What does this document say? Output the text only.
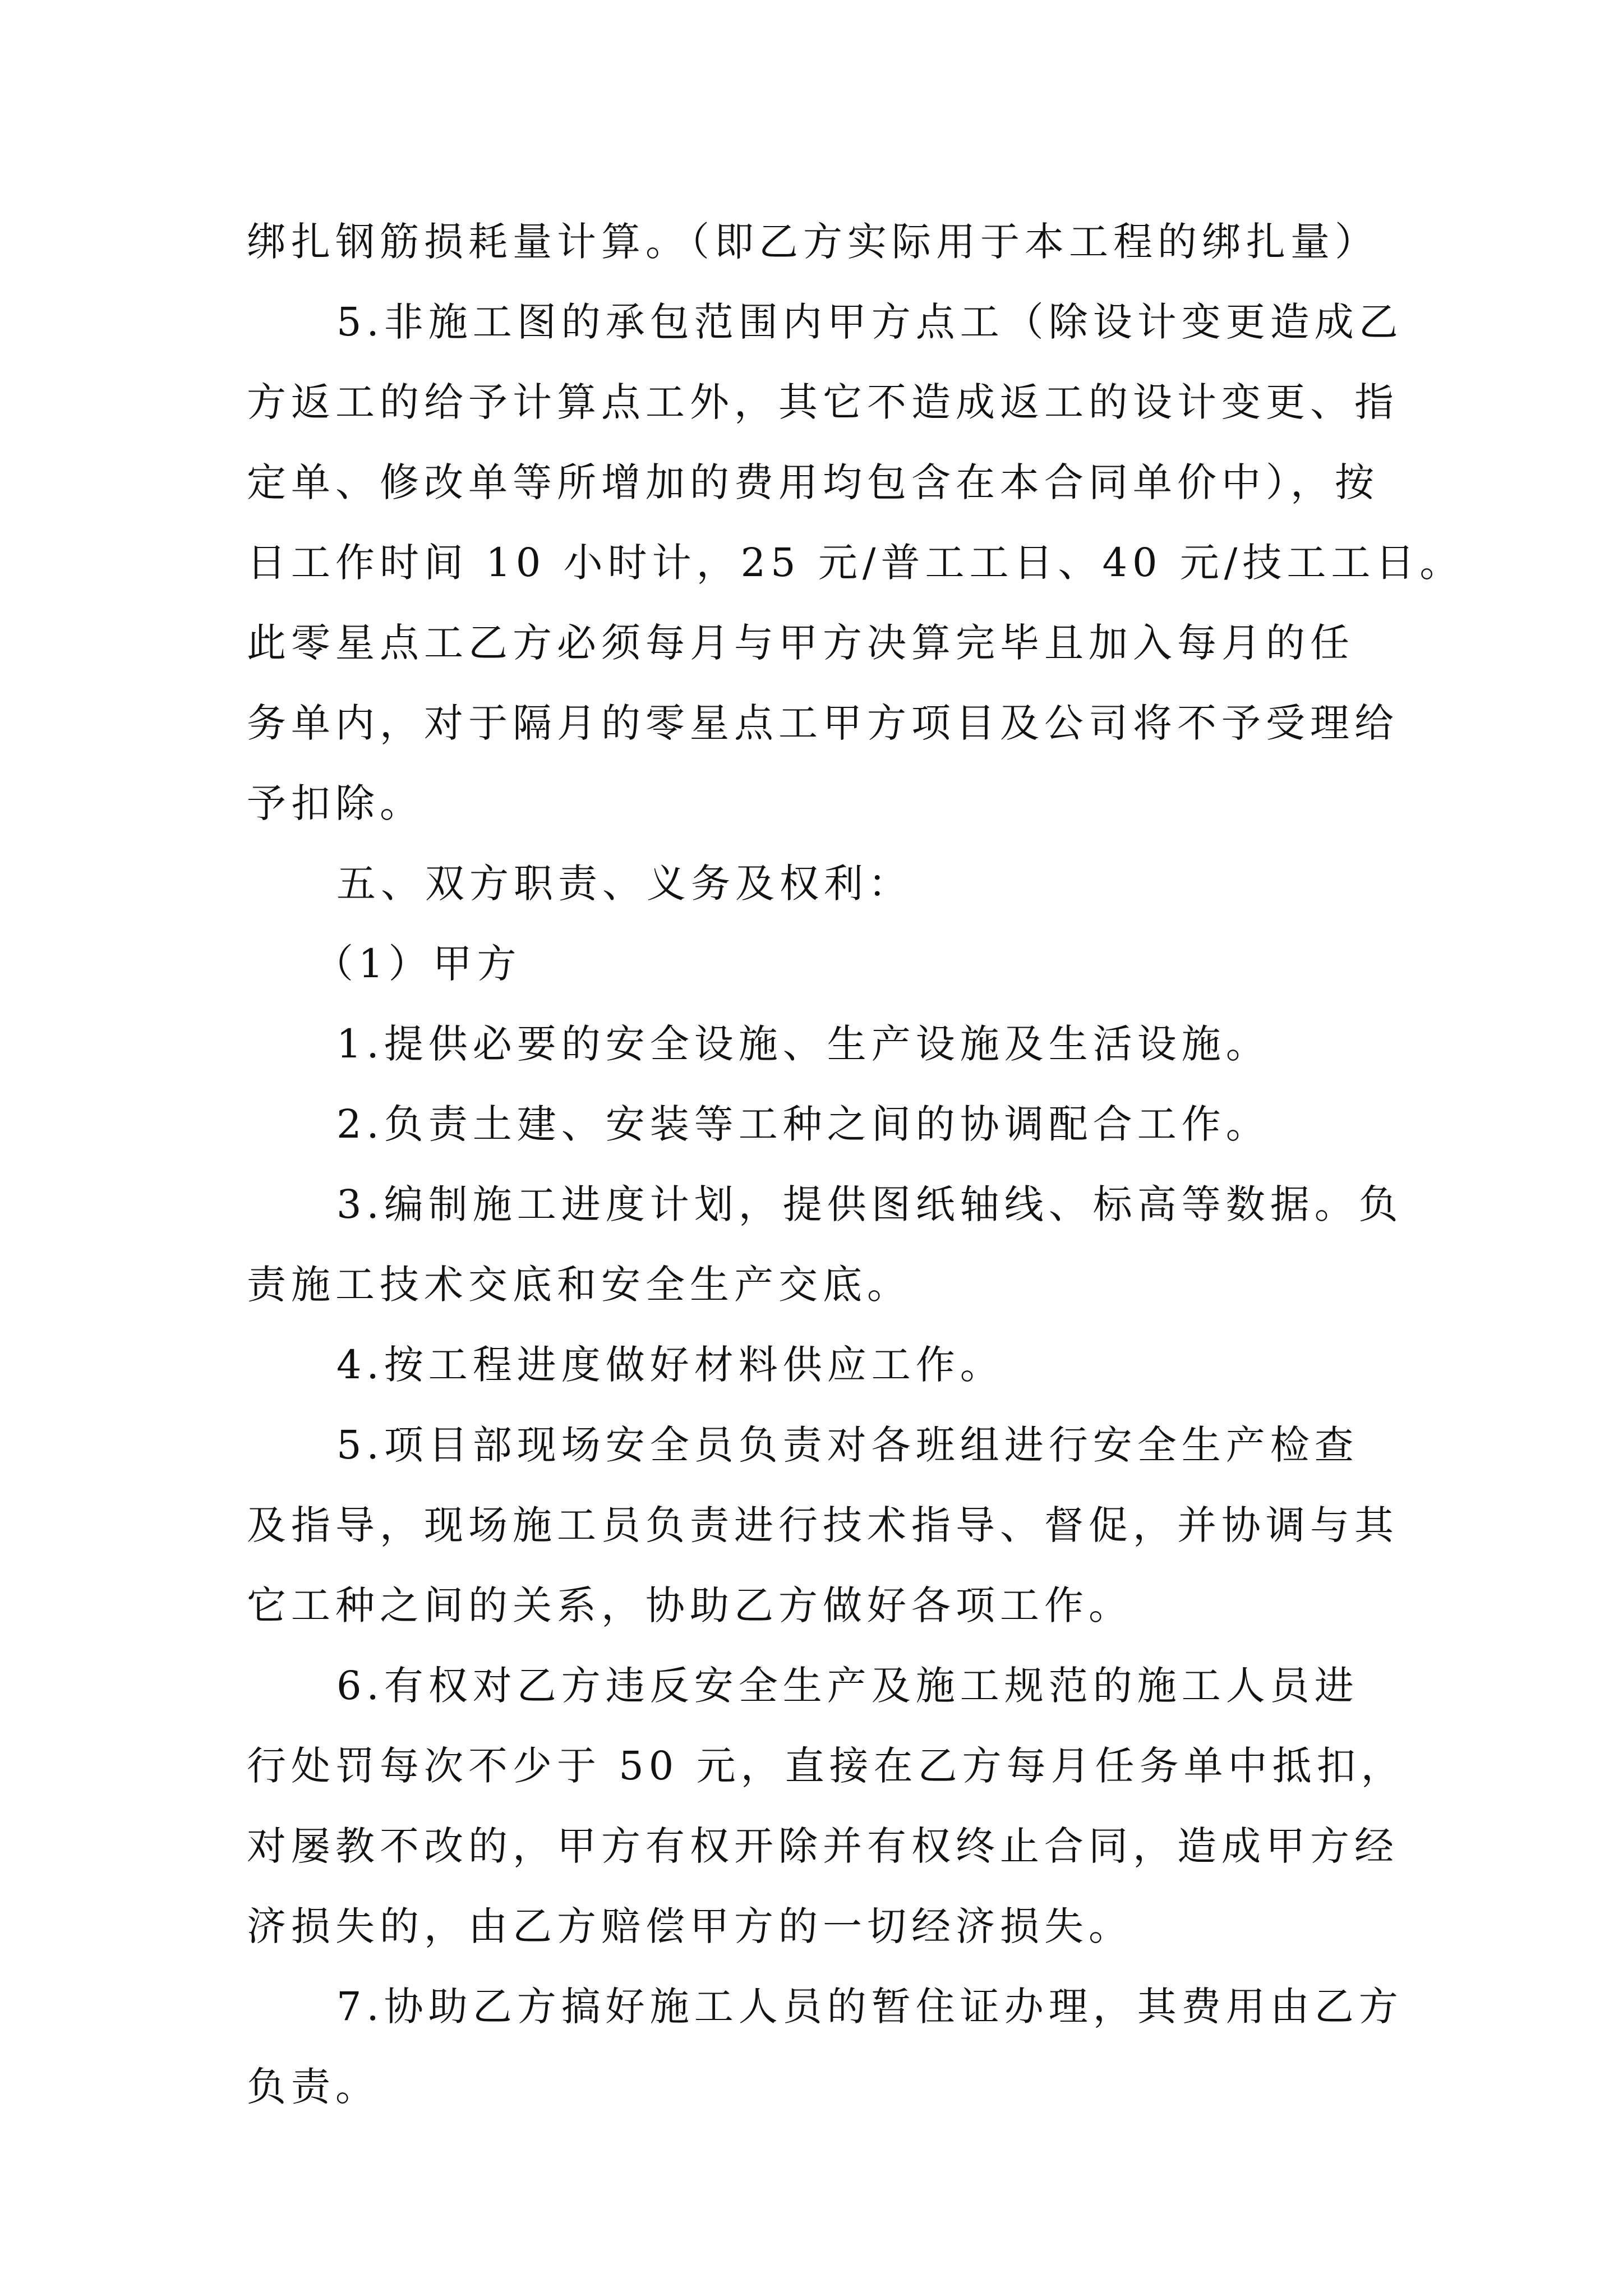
绑扎钢筋损耗量计算。（即乙方实际用于本工程的绑扎量）
5.非施工图的承包范围内甲方点工（除设计变更造成乙
方返工的给予计算点工外，其它不造成返工的设计变更、指
定单、修改单等所增加的费用均包含在本合同单价中），按
日工作时间 10 小时计，25 元/普工工日、40 元/技工工日。
此零星点工乙方必须每月与甲方决算完毕且加入每月的任
务单内，对于隔月的零星点工甲方项目及公司将不予受理给
予扣除。
五、双方职责、义务及权利：
（1）甲方
1.提供必要的安全设施、生产设施及生活设施。
2.负责土建、安装等工种之间的协调配合工作。
3.编制施工进度计划，提供图纸轴线、标高等数据。负
责施工技术交底和安全生产交底。
4.按工程进度做好材料供应工作。
5.项目部现场安全员负责对各班组进行安全生产检查
及指导，现场施工员负责进行技术指导、督促，并协调与其
它工种之间的关系，协助乙方做好各项工作。
6.有权对乙方违反安全生产及施工规范的施工人员进
行处罚每次不少于 50 元，直接在乙方每月任务单中抵扣，
对屡教不改的，甲方有权开除并有权终止合同，造成甲方经
济损失的，由乙方赔偿甲方的一切经济损失。
7.协助乙方搞好施工人员的暂住证办理，其费用由乙方
负责。
